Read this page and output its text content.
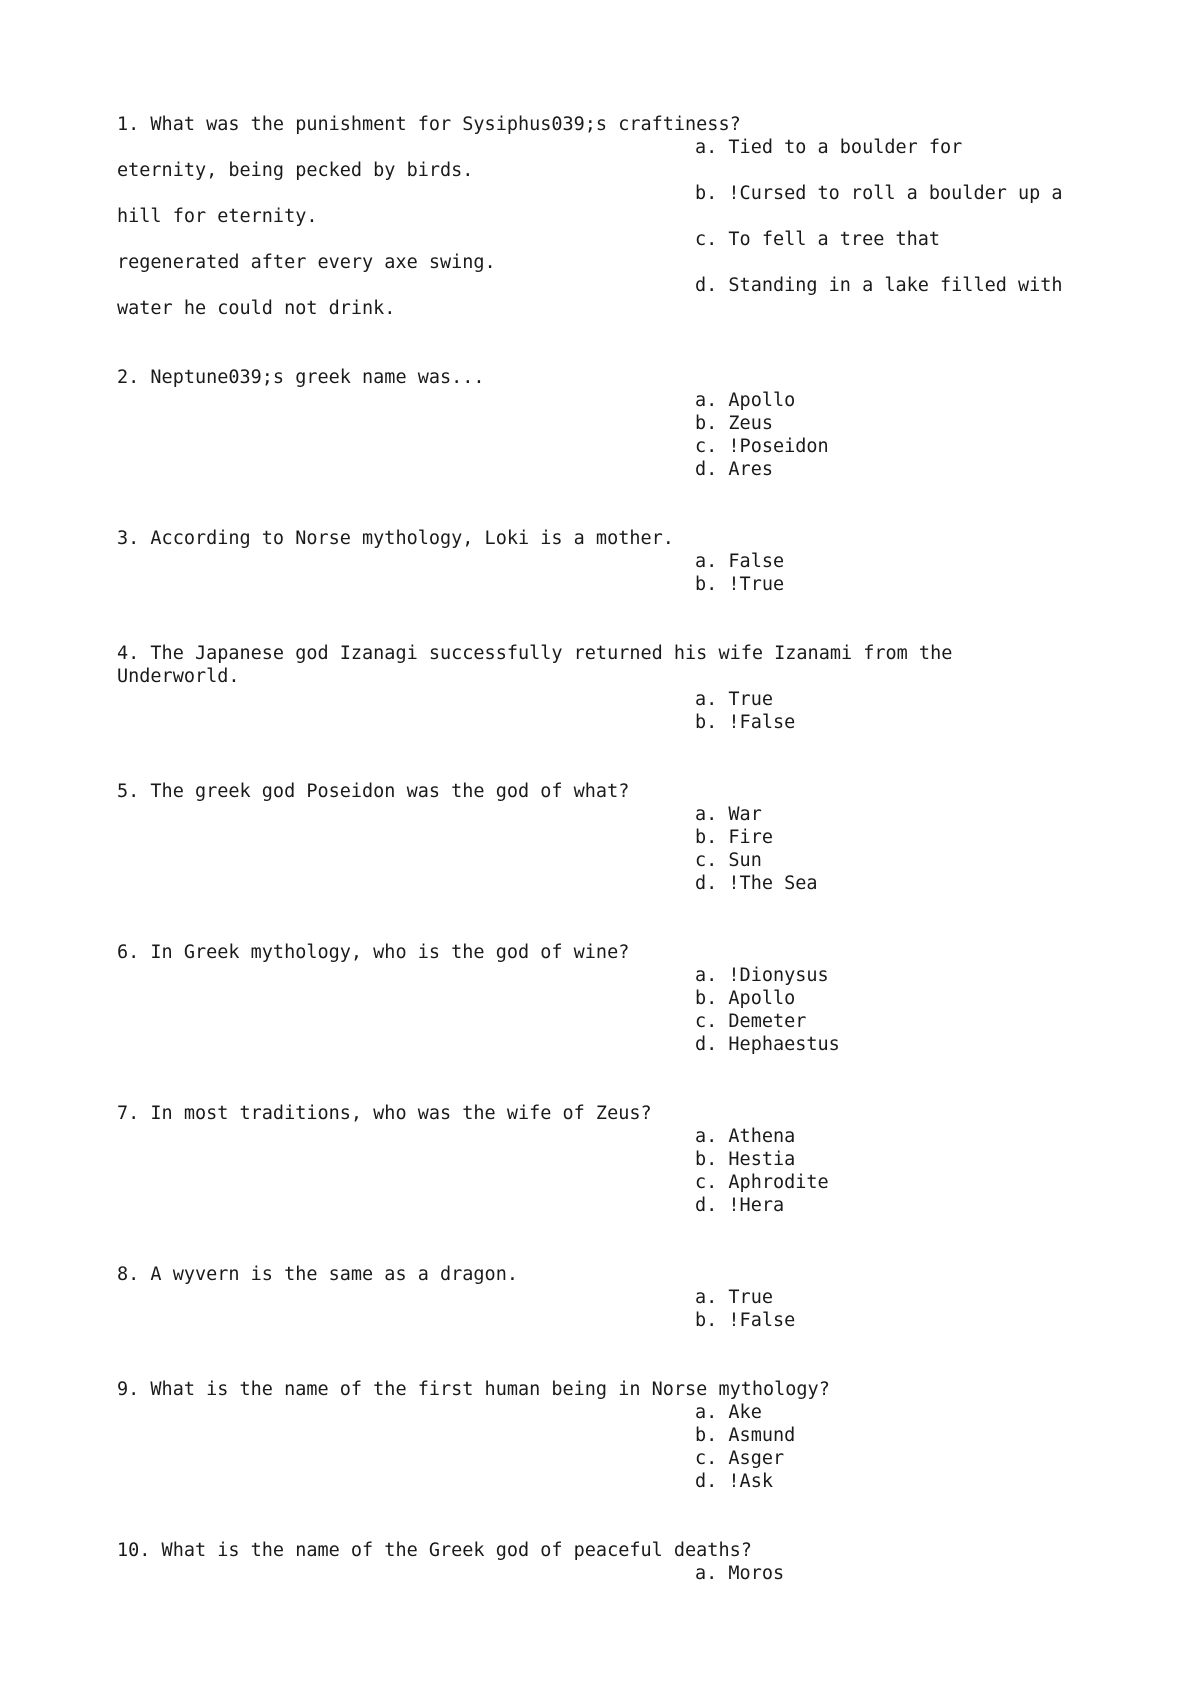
1. What was the punishment for Sysiphus039;s craftiness?
a. Tied to a boulder for
eternity, being pecked by birds.
b. !Cursed to roll a boulder up a
hill for eternity.
c. To fell a tree that
regenerated after every axe swing.
d. Standing in a lake filled with
water he could not drink.
2. Neptune039;s greek name was...
a. Apollo
b. Zeus
c. !Poseidon
d. Ares
3. According to Norse mythology, Loki is a mother.
a. False
b. !True
4. The Japanese god Izanagi successfully returned his wife Izanami from the
Underworld.
a. True
b. !False
5. The greek god Poseidon was the god of what?
a. War
b. Fire
c. Sun
d. !The Sea
6. In Greek mythology, who is the god of wine?
a. !Dionysus
b. Apollo
c. Demeter
d. Hephaestus
7. In most traditions, who was the wife of Zeus?
a. Athena
b. Hestia
c. Aphrodite
d. !Hera
8. A wyvern is the same as a dragon.
a. True
b. !False
9. What is the name of the first human being in Norse mythology?
a. Ake
b. Asmund
c. Asger
d. !Ask
10. What is the name of the Greek god of peaceful deaths?
a. Moros
